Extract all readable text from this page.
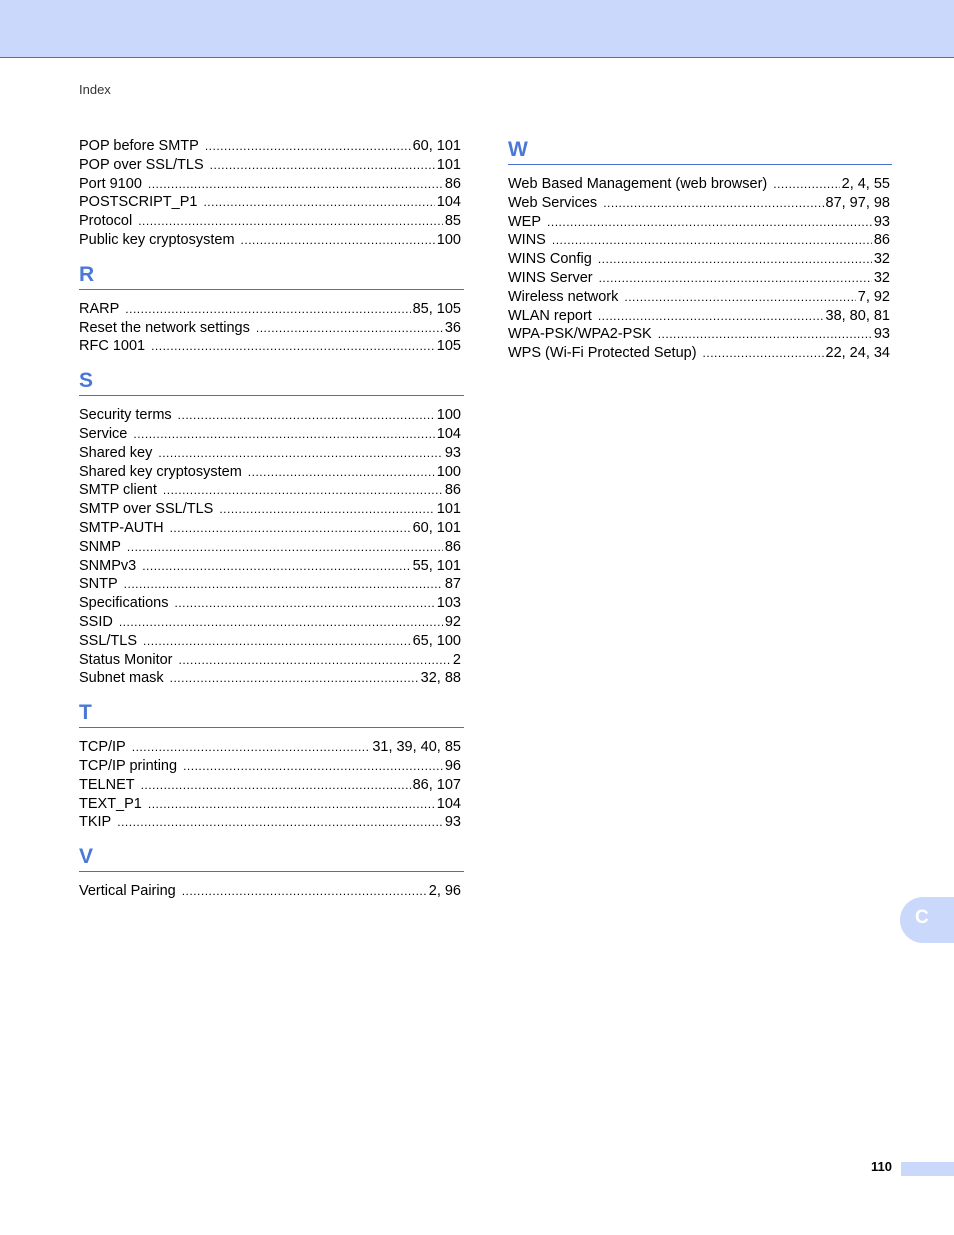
Index
POP before SMTP .....	60, 101
POP over SSL/TLS .....	101
Port 9100 .....	86
POSTSCRIPT_P1 .....	104
Protocol .....	85
Public key cryptosystem .....	100
R
RARP .....	85, 105
Reset the network settings .....	36
RFC 1001 .....	105
S
Security terms .....	100
Service .....	104
Shared key .....	93
Shared key cryptosystem .....	100
SMTP client .....	86
SMTP over SSL/TLS .....	101
SMTP-AUTH .....	60, 101
SNMP .....	86
SNMPv3 .....	55, 101
SNTP .....	87
Specifications .....	103
SSID .....	92
SSL/TLS .....	65, 100
Status Monitor .....	2
Subnet mask .....	32, 88
T
TCP/IP .....	31, 39, 40, 85
TCP/IP printing .....	96
TELNET .....	86, 107
TEXT_P1 .....	104
TKIP .....	93
V
Vertical Pairing .....	2, 96
W
Web Based Management (web browser) .....	2, 4, 55
Web Services .....	87, 97, 98
WEP .....	93
WINS .....	86
WINS Config .....	32
WINS Server .....	32
Wireless network .....	7, 92
WLAN report .....	38, 80, 81
WPA-PSK/WPA2-PSK .....	93
WPS (Wi-Fi Protected Setup) .....	22, 24, 34
C
110
